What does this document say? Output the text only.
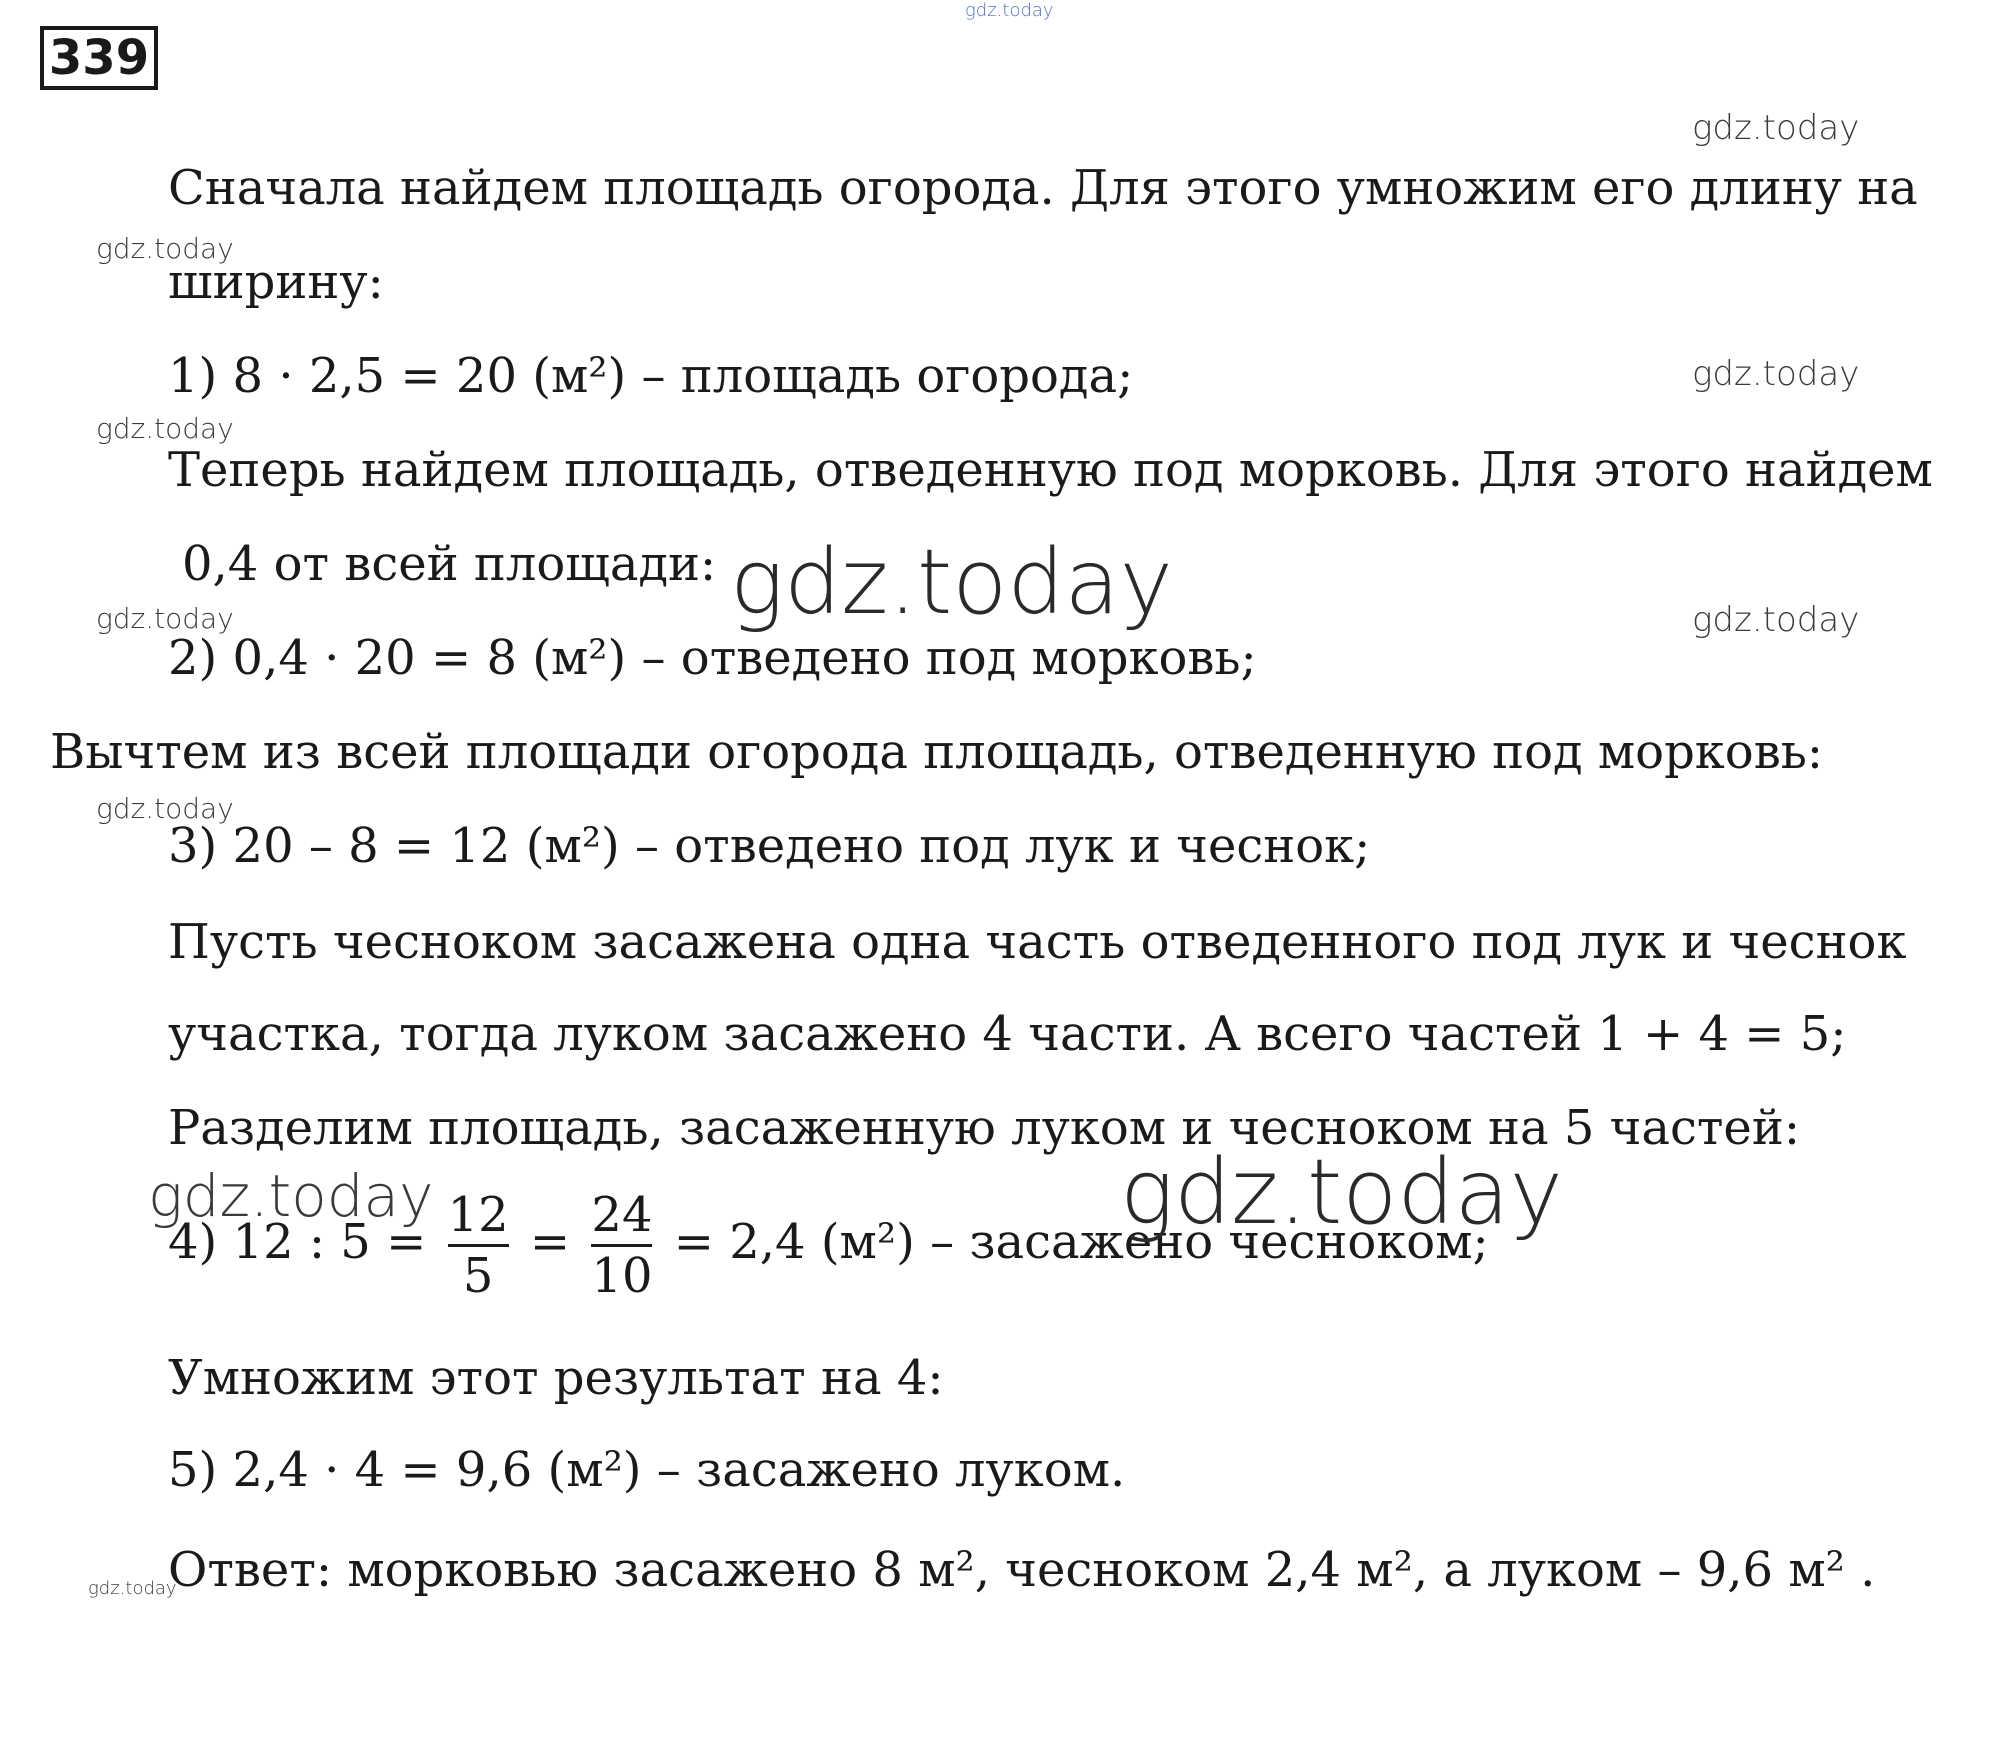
339
gdz.today
gdz.today
gdz.today
gdz.today
gdz.today
gdz.today	gdz.today
gdz.today
gdz.today
Сначала найдем площадь огорода. Для этого умножим его длину на
ширину:
1) 8 · 2,5 = 20 (м²) – площадь огорода;
Теперь найдем площадь, отведенную под морковь. Для этого найдем
0,4 от всей площади:
2) 0,4 · 20 = 8 (м²) – отведено под морковь;
Вычтем из всей площади огорода площадь, отведенную под морковь:
3) 20 – 8 = 12 (м²) – отведено под лук и чеснок;
Пусть чесноком засажена одна часть отведенного под лук и чеснок
участка, тогда луком засажено 4 части. А всего частей 1 + 4 = 5;
Разделим площадь, засаженную луком и чесноком на 5 частей:
4) 12 : $5 = \frac{12}{5} = \frac{24}{10} = 2,4$ (м²) – засажено чесноком;
Умножим этот результат на 4:
5) 2,4 · 4 = 9,6 (м²) – засажено луком.
Ответ: морковью засажено 8 м², чесноком 2,4 м², а луком – 9,6 м² .
gdz.today
gdz.today
gdz.today
